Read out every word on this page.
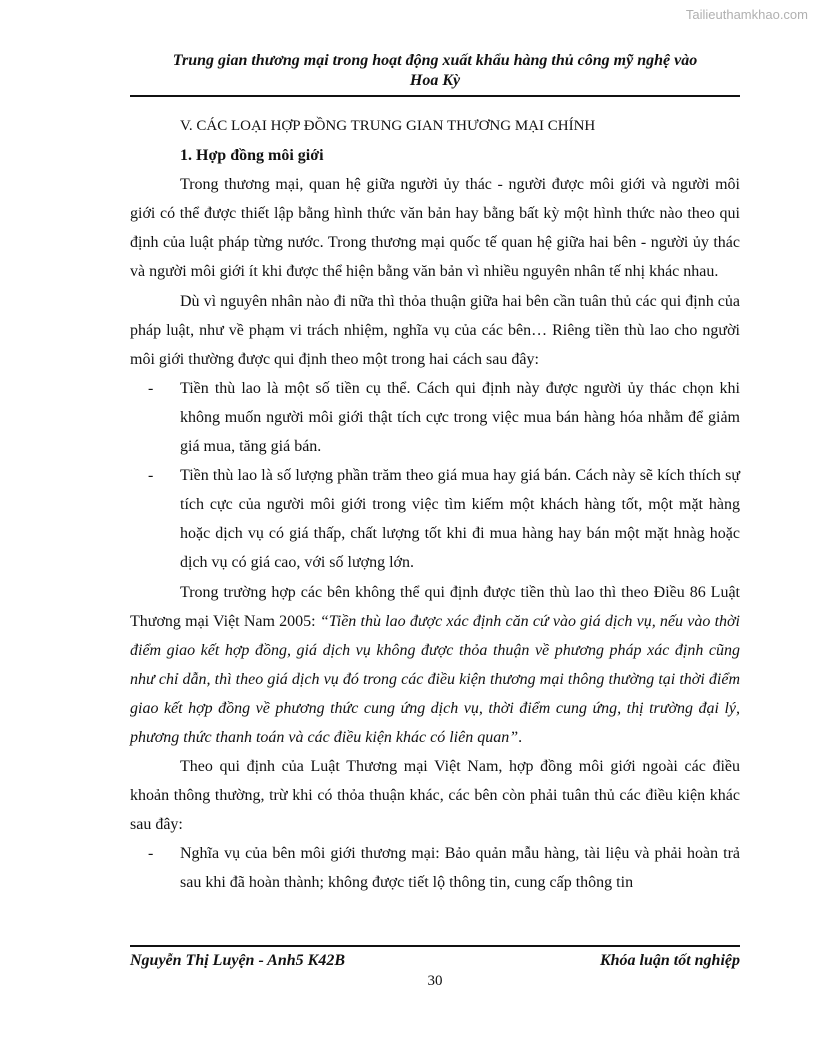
Tailieuthamkhao.com
Trung gian thương mại trong hoạt động xuất khẩu hàng thủ công mỹ nghệ vào
Hoa Kỳ

V. CÁC LOẠI HỢP ĐỒNG TRUNG GIAN THƯƠNG MẠI CHÍNH

1. Hợp đồng môi giới

Trong thương mại, quan hệ giữa người ủy thác - người được môi giới và người môi giới có thể được thiết lập bằng hình thức văn bản hay bằng bất kỳ một hình thức nào theo qui định của luật pháp từng nước. Trong thương mại quốc tế quan hệ giữa hai bên - người ủy thác và người môi giới ít khi được thể hiện bằng văn bản vì nhiều nguyên nhân tế nhị khác nhau.

Dù vì nguyên nhân nào đi nữa thì thỏa thuận giữa hai bên cần tuân thủ các qui định của pháp luật, như về phạm vi trách nhiệm, nghĩa vụ của các bên… Riêng tiền thù lao cho người môi giới thường được qui định theo một trong hai cách sau đây:

- Tiền thù lao là một số tiền cụ thể. Cách qui định này được người ủy thác chọn khi không muốn người môi giới thật tích cực trong việc mua bán hàng hóa nhằm để giảm giá mua, tăng giá bán.
- Tiền thù lao là số lượng phần trăm theo giá mua hay giá bán. Cách này sẽ kích thích sự tích cực của người môi giới trong việc tìm kiếm một khách hàng tốt, một mặt hàng hoặc dịch vụ có giá thấp, chất lượng tốt khi đi mua hàng hay bán một mặt hnàg hoặc dịch vụ có giá cao, với số lượng lớn.

Trong trường hợp các bên không thể qui định được tiền thù lao thì theo Điều 86 Luật Thương mại Việt Nam 2005: “Tiền thù lao được xác định căn cứ vào giá dịch vụ, nếu vào thời điểm giao kết hợp đồng, giá dịch vụ không được thỏa thuận về phương pháp xác định cũng như chỉ dẫn, thì theo giá dịch vụ đó trong các điều kiện thương mại thông thường tại thời điểm giao kết hợp đồng về phương thức cung ứng dịch vụ, thời điểm cung ứng, thị trường đại lý, phương thức thanh toán và các điều kiện khác có liên quan”.

Theo qui định của Luật Thương mại Việt Nam, hợp đồng môi giới ngoài các điều khoản thông thường, trừ khi có thỏa thuận khác, các bên còn phải tuân thủ các điều kiện khác sau đây:

- Nghĩa vụ của bên môi giới thương mại: Bảo quản mẫu hàng, tài liệu và phải hoàn trả sau khi đã hoàn thành; không được tiết lộ thông tin, cung cấp thông tin
Nguyễn Thị Luyện - Anh5 K42B	Khóa luận tốt nghiệp
30
